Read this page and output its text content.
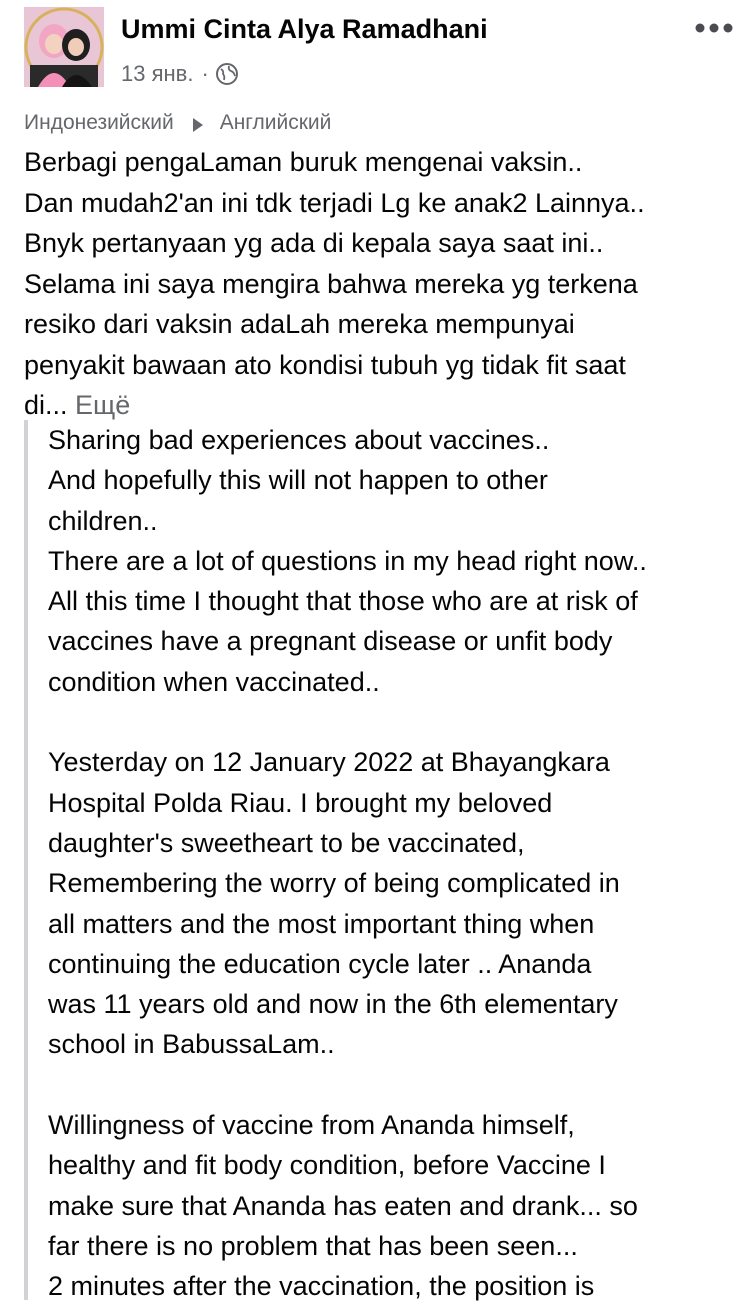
Ummi Cinta Alya Ramadhani
13 янв. ·
Индонезийский Английский
Berbagi pengaLaman buruk mengenai vaksin..
Dan mudah2'an ini tdk terjadi Lg ke anak2 Lainnya..
Bnyk pertanyaan yg ada di kepala saya saat ini..
Selama ini saya mengira bahwa mereka yg terkena
resiko dari vaksin adaLah mereka mempunyai
penyakit bawaan ato kondisi tubuh yg tidak fit saat
di... Ещё
Sharing bad experiences about vaccines..
And hopefully this will not happen to other
children..
There are a lot of questions in my head right now..
All this time I thought that those who are at risk of
vaccines have a pregnant disease or unfit body
condition when vaccinated..
Yesterday on 12 January 2022 at Bhayangkara
Hospital Polda Riau. I brought my beloved
daughter's sweetheart to be vaccinated,
Remembering the worry of being complicated in
all matters and the most important thing when
continuing the education cycle later .. Ananda
was 11 years old and now in the 6th elementary
school in BabussaLam..
Willingness of vaccine from Ananda himself,
healthy and fit body condition, before Vaccine I
make sure that Ananda has eaten and drank... so
far there is no problem that has been seen...
2 minutes after the vaccination, the position is
